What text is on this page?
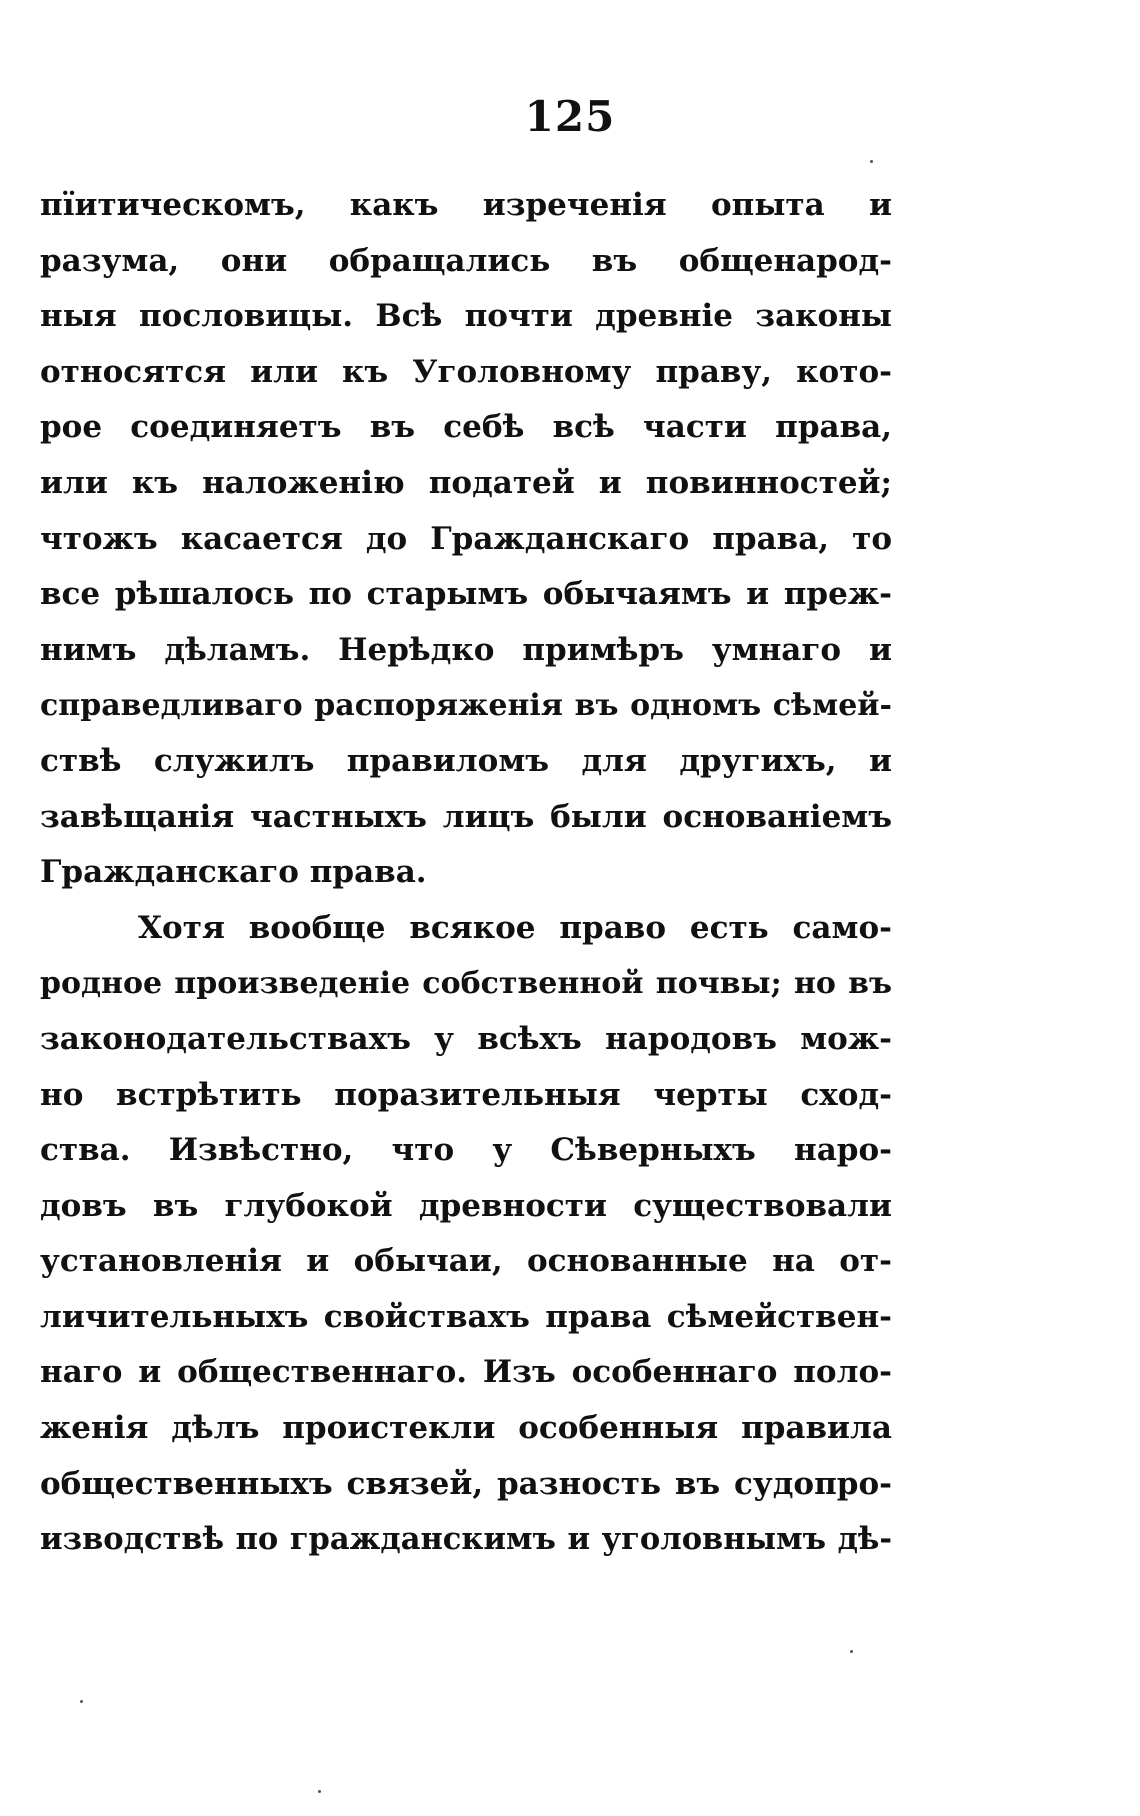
125
пїитическомъ, какъ изреченія опыта и
разума, они обращались въ общенарод-
ныя пословицы. Всѣ почти древніе законы
относятся или къ Уголовному праву, кото-
рое соединяетъ въ себѣ всѣ части права,
или къ наложенію податей и повинностей;
чтожъ касается до Гражданскаго права, то
все рѣшалось по старымъ обычаямъ и преж-
нимъ дѣламъ. Нерѣдко примѣръ умнаго и
справедливаго распоряженія въ одномъ сѣмей-
ствѣ служилъ правиломъ для другихъ, и
завѣщанія частныхъ лицъ были основаніемъ
Гражданскаго права.
Хотя вообще всякое право есть само-
родное произведеніе собственной почвы; но въ
законодательствахъ у всѣхъ народовъ мож-
но встрѣтить поразительныя черты сход-
ства. Извѣстно, что у Сѣверныхъ наро-
довъ въ глубокой древности существовали
установленія и обычаи, основанные на от-
личительныхъ свойствахъ права сѣмействен-
наго и общественнаго. Изъ особеннаго поло-
женія дѣлъ проистекли особенныя правила
общественныхъ связей, разность въ судопро-
изводствѣ по гражданскимъ и уголовнымъ дѣ-
